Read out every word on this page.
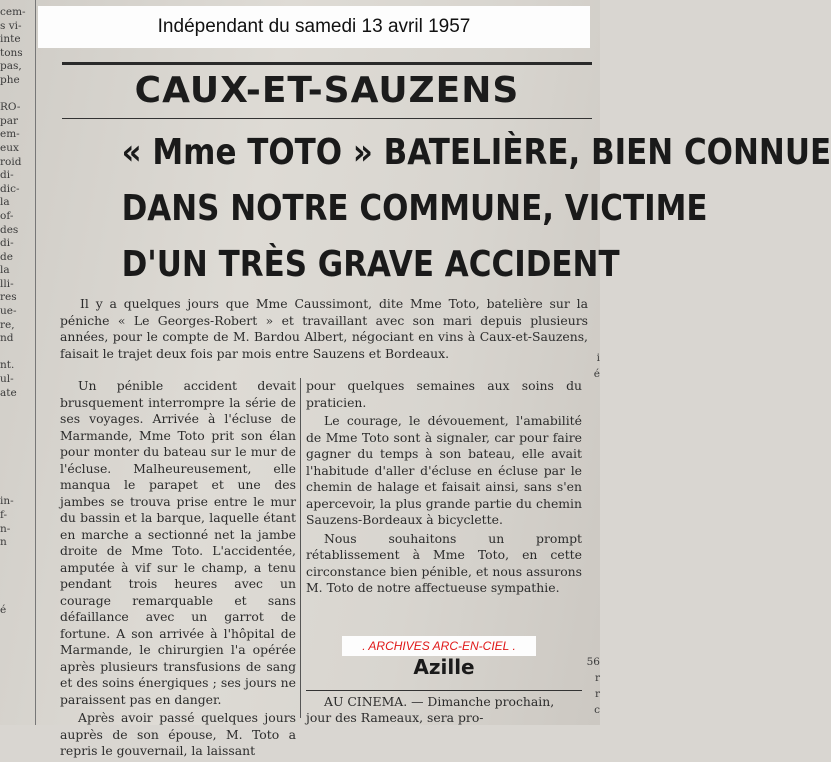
cem-
s vi-
inte
tons
pas,
phe

RO-
par
em-
eux
roid
di-
dic-
la
of-
des
di-
de
la
lli-
res
ue-
re,
nd

nt.
ul-
ate

in-
f-
n-
n

é

Indépendant du samedi 13 avril 1957
CAUX-ET-SAUZENS
« Mme TOTO » BATELIÈRE, BIEN CONNUE
DANS NOTRE COMMUNE, VICTIME
D'UN TRÈS GRAVE ACCIDENT

Il y a quelques jours que Mme Caussimont, dite Mme Toto, batelière sur la péniche « Le Georges-Robert » et travaillant avec son mari depuis plusieurs années, pour le compte de M. Bardou Albert, négociant en vins à Caux-et-Sauzens, faisait le trajet deux fois par mois entre Sauzens et Bordeaux.

Un pénible accident devait brusquement interrompre la série de ses voyages. Arrivée à l'écluse de Marmande, Mme Toto prit son élan pour monter du bateau sur le mur de l'écluse. Malheureusement, elle manqua le parapet et une des jambes se trouva prise entre le mur du bassin et la barque, laquelle étant en marche a sectionné net la jambe droite de Mme Toto. L'accidentée, amputée à vif sur le champ, a tenu pendant trois heures avec un courage remarquable et sans défaillance avec un garrot de fortune. A son arrivée à l'hôpital de Marmande, le chirurgien l'a opérée après plusieurs transfusions de sang et des soins énergiques ; ses jours ne paraissent pas en danger.

Après avoir passé quelques jours auprès de son épouse, M. Toto a repris le gouvernail, la laissant

pour quelques semaines aux soins du praticien.

Le courage, le dévouement, l'amabilité de Mme Toto sont à signaler, car pour faire gagner du temps à son bateau, elle avait l'habitude d'aller d'écluse en écluse par le chemin de halage et faisait ainsi, sans s'en apercevoir, la plus grande partie du chemin Sauzens-Bordeaux à bicyclette.

Nous souhaitons un prompt rétablissement à Mme Toto, en cette circonstance bien pénible, et nous assurons M. Toto de notre affectueuse sympathie.

. ARCHIVES ARC-EN-CIEL .
Azille
AU CINEMA. — Dimanche prochain, jour des Rameaux, sera pro-
i
é

56
r
r
c
